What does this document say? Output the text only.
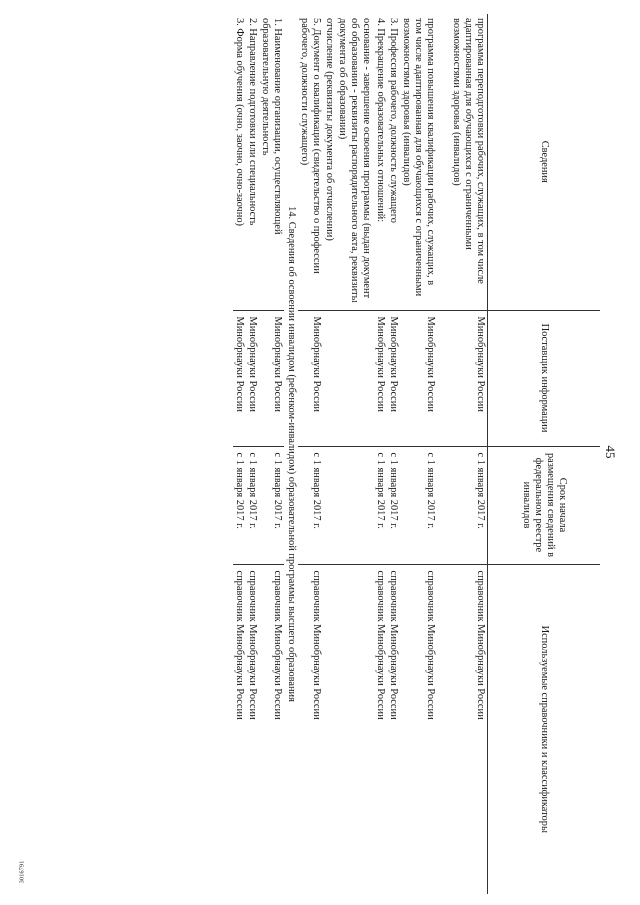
45
3016791
Сведения	Поставщик информации	Срок начала размещения сведений в федеральном реестре инвалидов	Используемые справочники и классификаторы
программа переподготовки рабочих, служащих, в том числе адаптированная для обучающихся с ограниченными возможностями здоровья (инвалидов)	Минобрнауки России	с 1 января 2017 г.	справочник Минобрнауки России
программа повышения квалификации рабочих, служащих, в том числе адаптированная для обучающихся с ограниченными возможностями здоровья (инвалидов)	Минобрнауки России	с 1 января 2017 г.	справочник Минобрнауки России
3. Профессия рабочего, должность служащего	Минобрнауки России	с 1 января 2017 г.	справочник Минобрнауки России
4. Прекращение образовательных отношений:	Минобрнауки России	с 1 января 2017 г.	справочник Минобрнауки России
основание - завершение освоения программы (выдан документ об образовании - реквизиты распорядительного акта, реквизиты документа об образовании)			
отчисление (реквизиты документа об отчислении)			
5. Документ о квалификации (свидетельство о профессии рабочего, должности служащего)	Минобрнауки России	с 1 января 2017 г.	справочник Минобрнауки России
14. Сведения об освоении инвалидом (ребенком-инвалидом) образовательной программы высшего образования			
1. Наименование организации, осуществляющей образовательную деятельность	Минобрнауки России	с 1 января 2017 г.	справочник Минобрнауки России
2. Направление подготовки или специальность	Минобрнауки России	с 1 января 2017 г.	справочник Минобрнауки России
3. Форма обучения (очно, заочно, очно-заочно)	Минобрнауки России	с 1 января 2017 г.	справочник Минобрнауки России
